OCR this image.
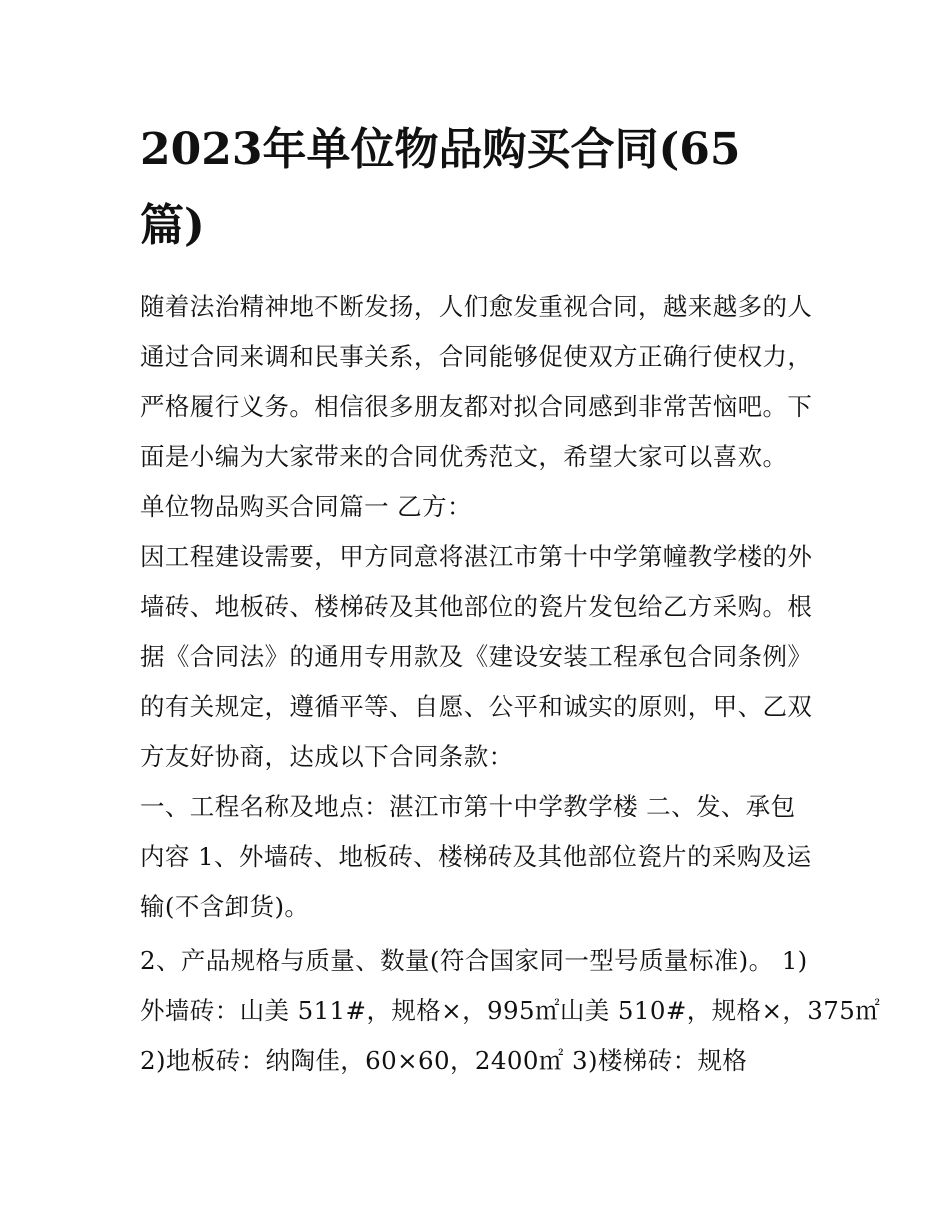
2023年单位物品购买合同(65
篇)

随着法治精神地不断发扬，人们愈发重视合同，越来越多的人
通过合同来调和民事关系，合同能够促使双方正确行使权力，
严格履行义务。相信很多朋友都对拟合同感到非常苦恼吧。下
面是小编为大家带来的合同优秀范文，希望大家可以喜欢。

单位物品购买合同篇一 乙方：

因工程建设需要，甲方同意将湛江市第十中学第幢教学楼的外
墙砖、地板砖、楼梯砖及其他部位的瓷片发包给乙方采购。根
据《合同法》的通用专用款及《建设安装工程承包合同条例》
的有关规定，遵循平等、自愿、公平和诚实的原则，甲、乙双
方友好协商，达成以下合同条款：

一、工程名称及地点：湛江市第十中学教学楼 二、发、承包
内容 1、外墙砖、地板砖、楼梯砖及其他部位瓷片的采购及运
输(不含卸货)。

2、产品规格与质量、数量(符合国家同一型号质量标准)。 1)
外墙砖：山美 511#，规格×，995㎡山美 510#，规格×，375㎡
2)地板砖：纳陶佳，60×60，2400㎡ 3)楼梯砖：规格
